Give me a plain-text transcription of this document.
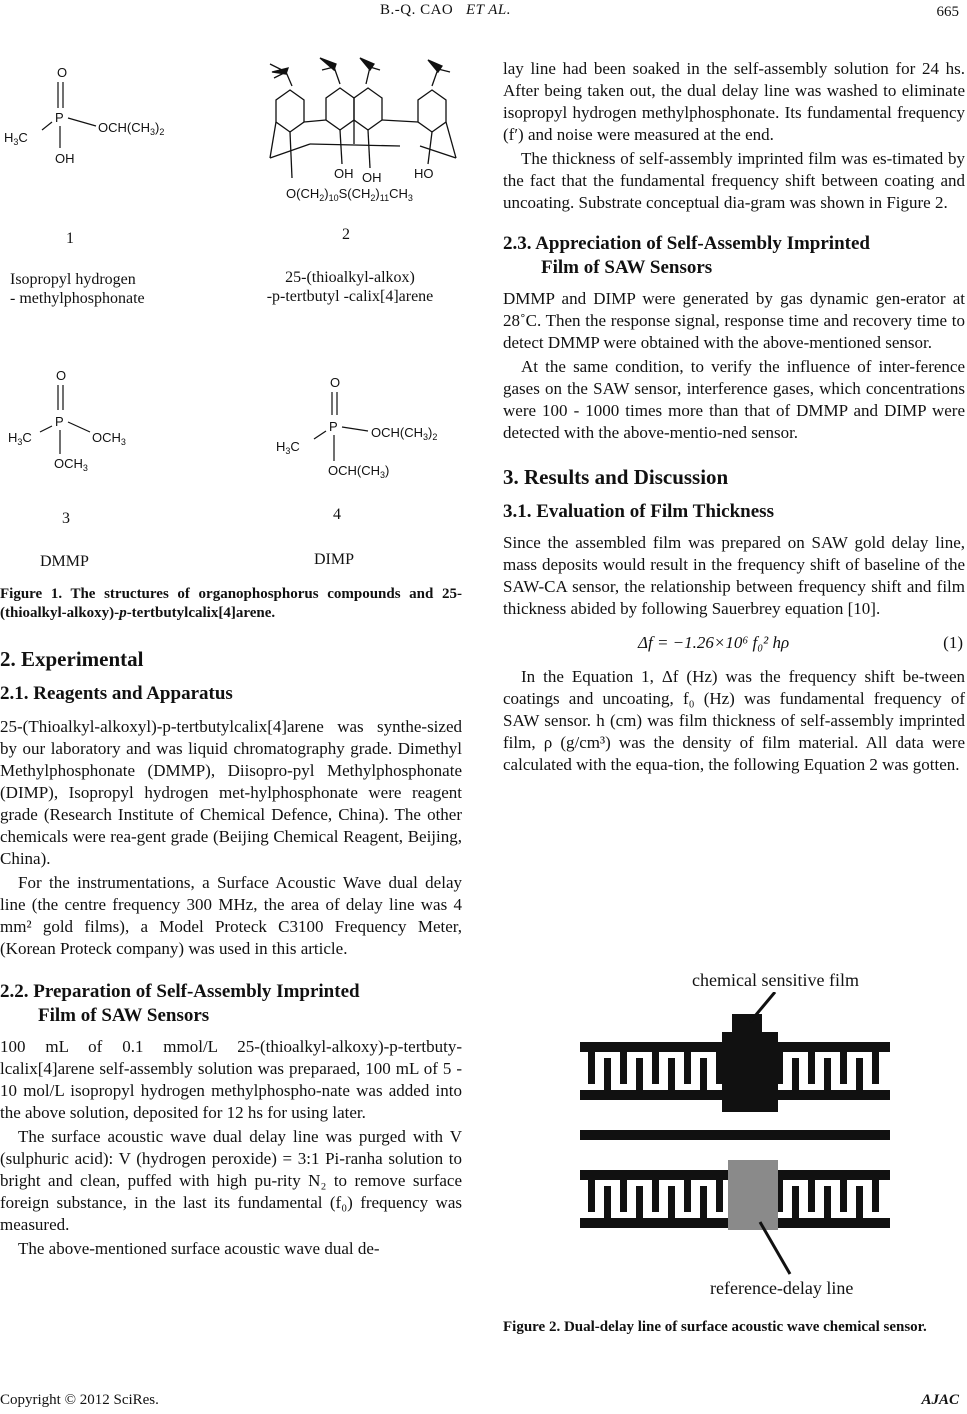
B.-Q. CAO ET AL.	665
O
P
$H_3C$
$OCH(CH_3)_2$
OH
1
Isopropyl hydrogen
- methylphosphonate
OH OH	HO
$O(CH_2)_{10}S(CH_2)_{11}CH_3$
2
25-(thioalkyl-alkox)
-p-tertbutyl -calix[4]arene
O
P
$H_3C$	$OCH_3$
$OCH_3$
3
DMMP
O
P
$H_3C$
$OCH(CH_3)_2$
$OCH(CH_3)$
4
DIMP
Figure 1. The structures of organophosphorus compounds and 25-(thioalkyl-alkoxy)-p-tertbutylcalix[4]arene.
2. Experimental
2.1. Reagents and Apparatus

25-(Thioalkyl-alkoxyl)-p-tertbutylcalix[4]arene was synthe-sized by our laboratory and was liquid chromatography grade. Dimethyl Methylphosphonate (DMMP), Diisopro-pyl Methylphosphonate (DIMP), Isopropyl hydrogen met-hylphosphonate were reagent grade (Research Institute of Chemical Defence, China). The other chemicals were rea-gent grade (Beijing Chemical Reagent, Beijing, China).

For the instrumentations, a Surface Acoustic Wave dual delay line (the centre frequency 300 MHz, the area of delay line was 4 mm² gold films), a Model Proteck C3100 Frequency Meter, (Korean Proteck company) was used in this article.

2.2. Preparation of Self-Assembly Imprinted
Film of SAW Sensors

100 mL of 0.1 mmol/L 25-(thioalkyl-alkoxy)-p-tertbuty-lcalix[4]arene self-assembly solution was preparaed, 100 mL of 5 - 10 mol/L isopropyl hydrogen methylphospho-nate was added into the above solution, deposited for 12 hs for using later.

The surface acoustic wave dual delay line was purged with V (sulphuric acid): V (hydrogen peroxide) = 3:1 Pi-ranha solution to bright and clean, puffed with high pu-rity N₂ to remove surface foreign substance, in the last its fundamental (f₀) frequency was measured.

The above-mentioned surface acoustic wave dual de-

lay line had been soaked in the self-assembly solution for 24 hs. After being taken out, the dual delay line was washed to eliminate isopropyl hydrogen methylphosphonate. Its fundamental frequency (f′) and noise were measured at the end.

The thickness of self-assembly imprinted film was es-timated by the fact that the fundamental frequency shift between coating and uncoating. Substrate conceptual dia-gram was shown in Figure 2.

2.3. Appreciation of Self-Assembly Imprinted
Film of SAW Sensors

DMMP and DIMP were generated by gas dynamic gen-erator at 28˚C. Then the response signal, response time and recovery time to detect DMMP were obtained with the above-mentioned sensor.

At the same condition, to verify the influence of inter-ference gases on the SAW sensor, interference gases, which concentrations were 100 - 1000 times more than that of DMMP and DIMP were detected with the above-mentio-ned sensor.

3. Results and Discussion
3.1. Evaluation of Film Thickness

Since the assembled film was prepared on SAW gold delay line, mass deposits would result in the frequency shift of baseline of the SAW-CA sensor, the relationship between frequency shift and film thickness abided by following Sauerbrey equation [10].

Δf = −1.26×10⁶ f₀² hρ	(1)

In the Equation 1, Δf (Hz) was the frequency shift be-tween coatings and uncoating, f₀ (Hz) was fundamental frequency of SAW sensor. h (cm) was film thickness of self-assembly imprinted film, ρ (g/cm³) was the density of film material. All data were calculated with the equa-tion, the following Equation 2 was gotten.

chemical sensitive film
reference-delay line
Figure 2. Dual-delay line of surface acoustic wave chemical sensor.
Copyright © 2012 SciRes.	AJAC
